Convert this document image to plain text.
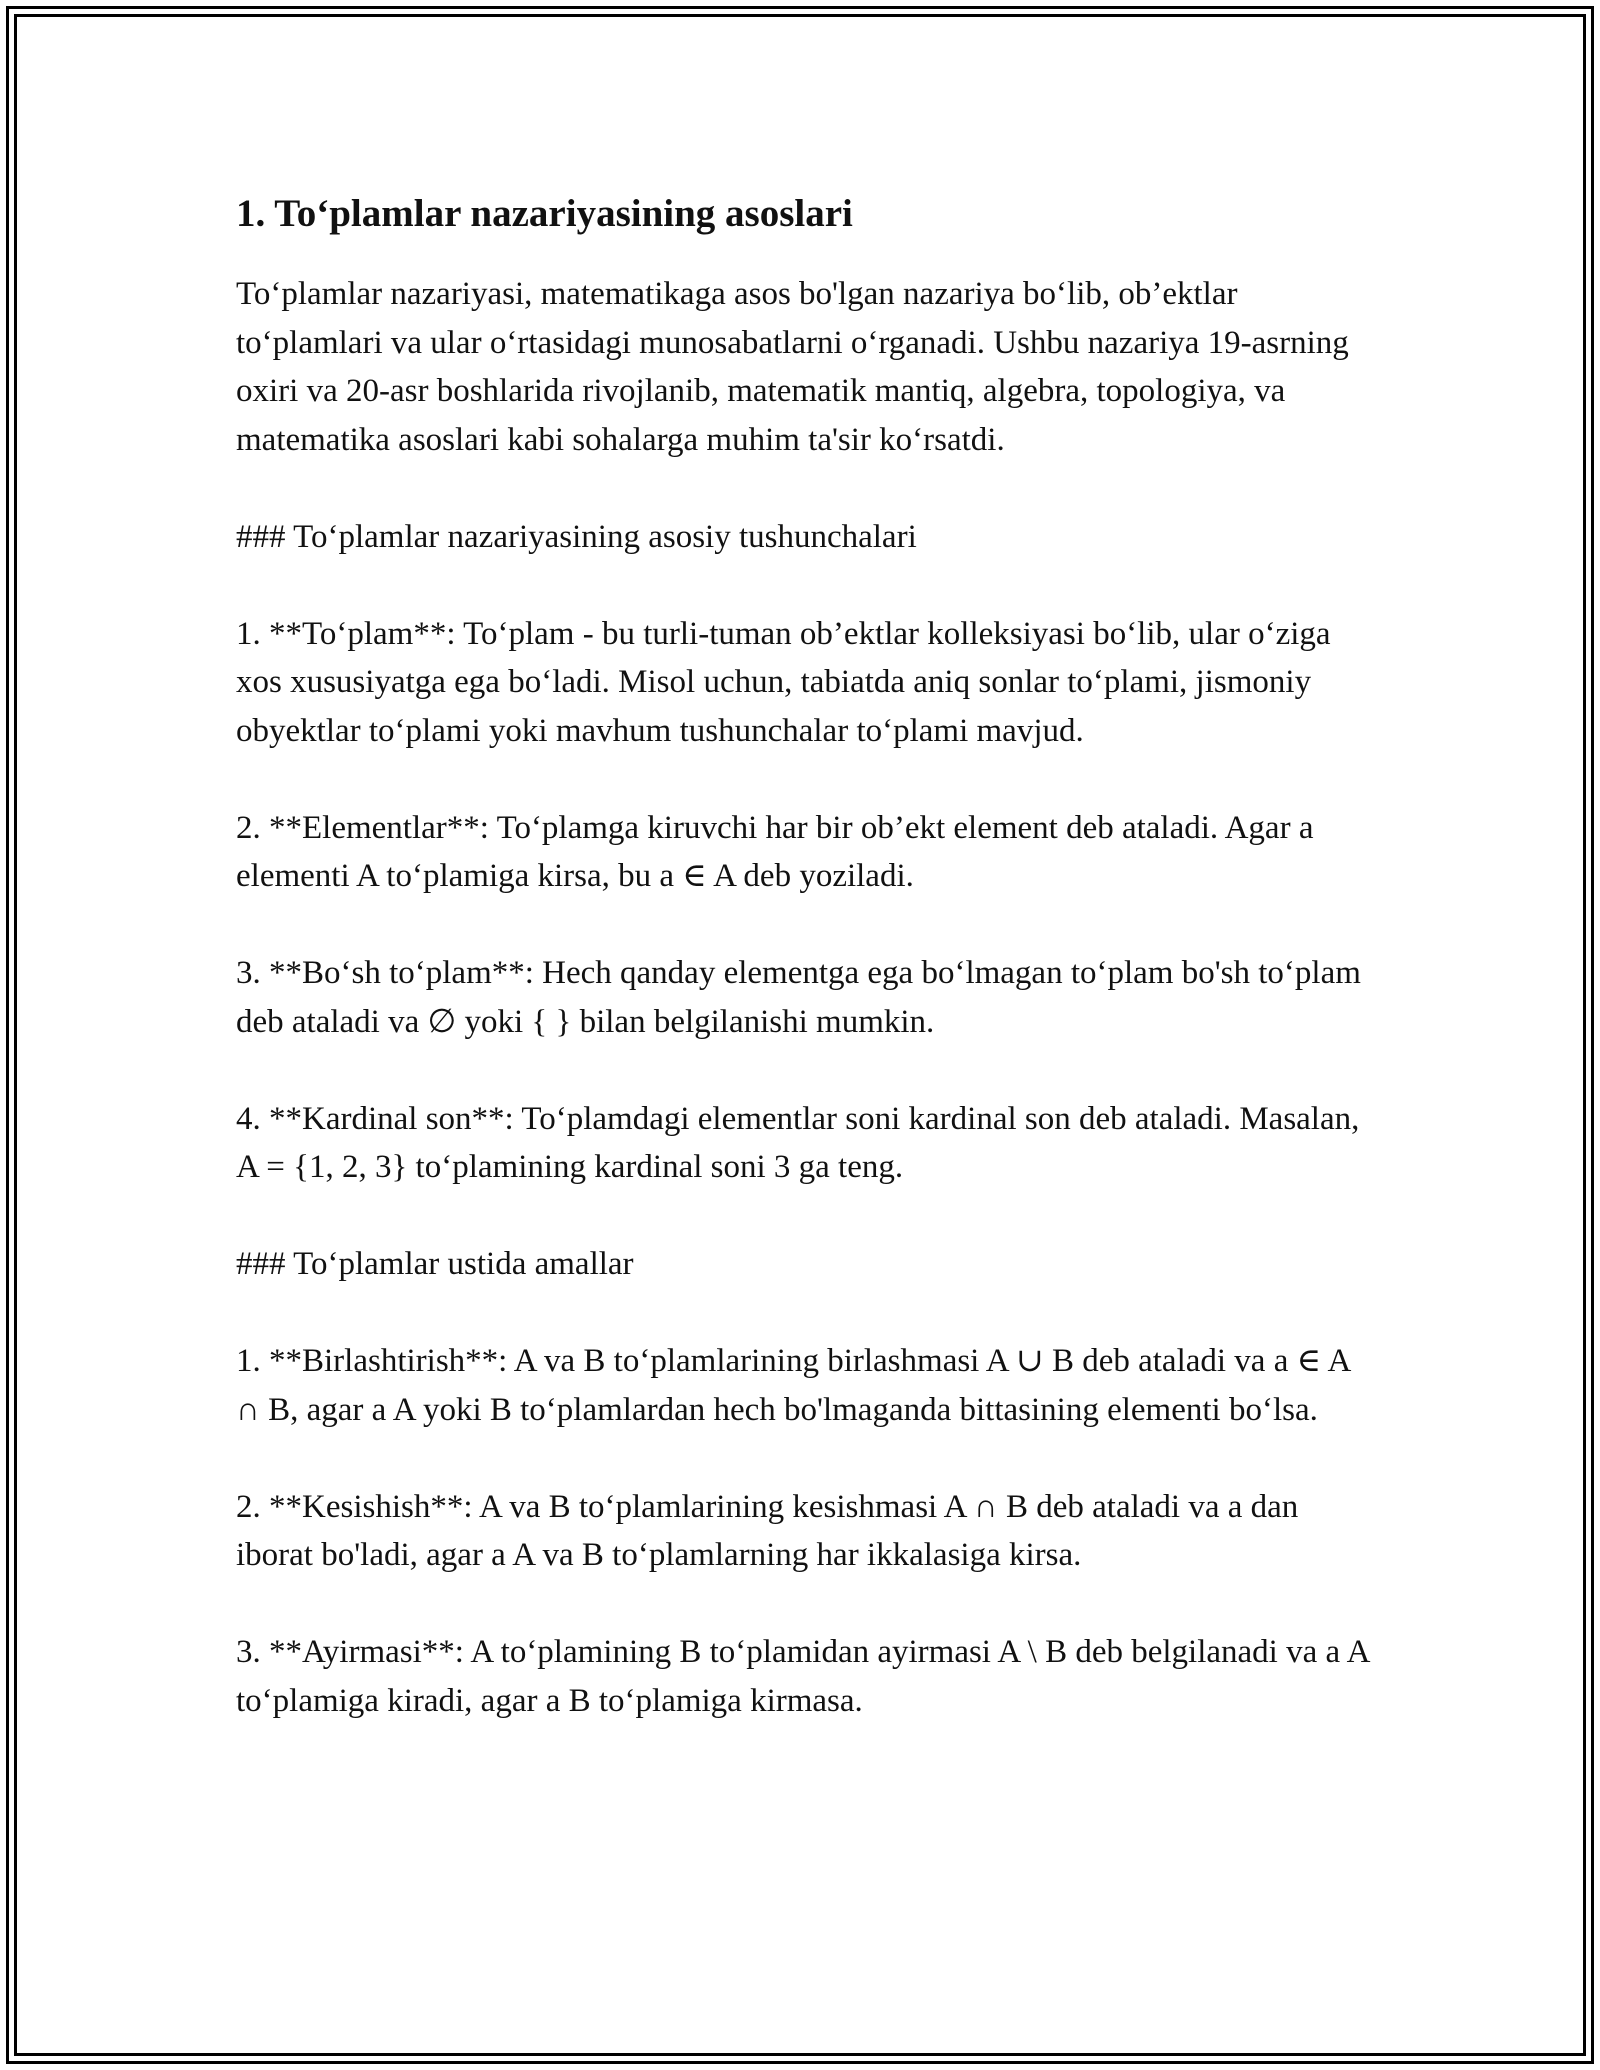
1. To‘plamlar nazariyasining asoslari

To‘plamlar nazariyasi, matematikaga asos bo'lgan nazariya bo‘lib, ob’ektlar to‘plamlari va ular o‘rtasidagi munosabatlarni o‘rganadi. Ushbu nazariya 19-asrning oxiri va 20-asr boshlarida rivojlanib, matematik mantiq, algebra, topologiya, va matematika asoslari kabi sohalarga muhim ta'sir ko‘rsatdi.

### To‘plamlar nazariyasining asosiy tushunchalari

1. **To‘plam**: To‘plam - bu turli-tuman ob’ektlar kolleksiyasi bo‘lib, ular o‘ziga xos xususiyatga ega bo‘ladi. Misol uchun, tabiatda aniq sonlar to‘plami, jismoniy obyektlar to‘plami yoki mavhum tushunchalar to‘plami mavjud.

2. **Elementlar**: To‘plamga kiruvchi har bir ob’ekt element deb ataladi. Agar a elementi A to‘plamiga kirsa, bu a ∈ A deb yoziladi.

3. **Bo‘sh to‘plam**: Hech qanday elementga ega bo‘lmagan to‘plam bo'sh to‘plam deb ataladi va ∅ yoki { } bilan belgilanishi mumkin.

4. **Kardinal son**: To‘plamdagi elementlar soni kardinal son deb ataladi. Masalan, A = {1, 2, 3} to‘plamining kardinal soni 3 ga teng.

### To‘plamlar ustida amallar

1. **Birlashtirish**: A va B to‘plamlarining birlashmasi A ∪ B deb ataladi va a ∈ A ∩ B, agar a A yoki B to‘plamlardan hech bo'lmaganda bittasining elementi bo‘lsa.

2. **Kesishish**: A va B to‘plamlarining kesishmasi A ∩ B deb ataladi va a dan iborat bo'ladi, agar a A va B to‘plamlarning har ikkalasiga kirsa.

3. **Ayirmasi**: A to‘plamining B to‘plamidan ayirmasi A \ B deb belgilanadi va a A to‘plamiga kiradi, agar a B to‘plamiga kirmasa.
